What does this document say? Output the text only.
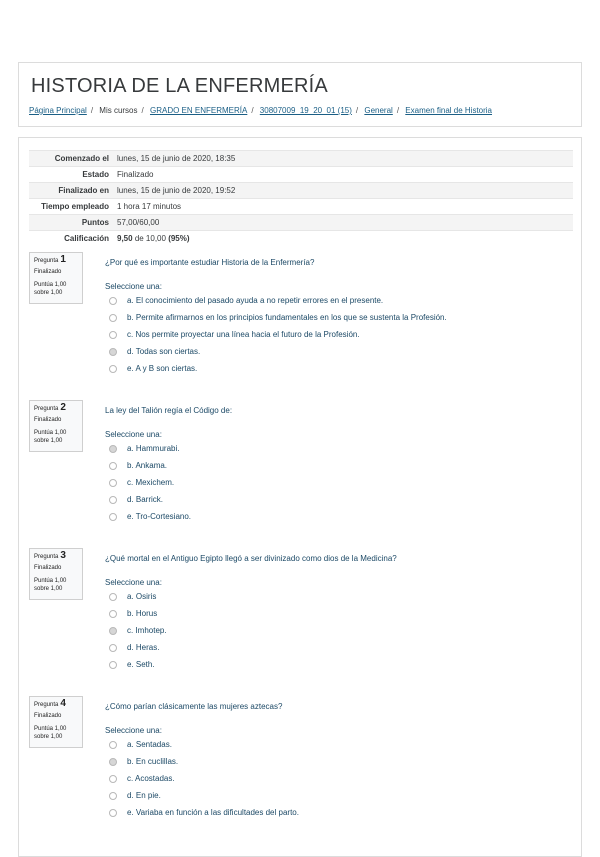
HISTORIA DE LA ENFERMERÍA
Página Principal / Mis cursos / GRADO EN ENFERMERÍA / 30807009_19_20_01 (15) / General / Examen final de Historia
Comenzado el	lunes, 15 de junio de 2020, 18:35
Estado	Finalizado
Finalizado en	lunes, 15 de junio de 2020, 19:52
Tiempo empleado	1 hora 17 minutos
Puntos	57,00/60,00
Calificación	9,50 de 10,00 (95%)
Pregunta 1
Finalizado
Puntúa 1,00
sobre 1,00
¿Por qué es importante estudiar Historia de la Enfermería?
Seleccione una:
a. El conocimiento del pasado ayuda a no repetir errores en el presente.
b. Permite afirmarnos en los principios fundamentales en los que se sustenta la Profesión.
c. Nos permite proyectar una línea hacia el futuro de la Profesión.
d. Todas son ciertas.
e. A y B son ciertas.
Pregunta 2
Finalizado
Puntúa 1,00
sobre 1,00
La ley del Talión regía el Código de:
Seleccione una:
a. Hammurabi.
b. Ankama.
c. Mexichem.
d. Barrick.
e. Tro-Cortesiano.
Pregunta 3
Finalizado
Puntúa 1,00
sobre 1,00
¿Qué mortal en el Antiguo Egipto llegó a ser divinizado como dios de la Medicina?
Seleccione una:
a. Osiris
b. Horus
c. Imhotep.
d. Heras.
e. Seth.
Pregunta 4
Finalizado
Puntúa 1,00
sobre 1,00
¿Cómo parían clásicamente las mujeres aztecas?
Seleccione una:
a. Sentadas.
b. En cuclillas.
c. Acostadas.
d. En pie.
e. Variaba en función a las dificultades del parto.
